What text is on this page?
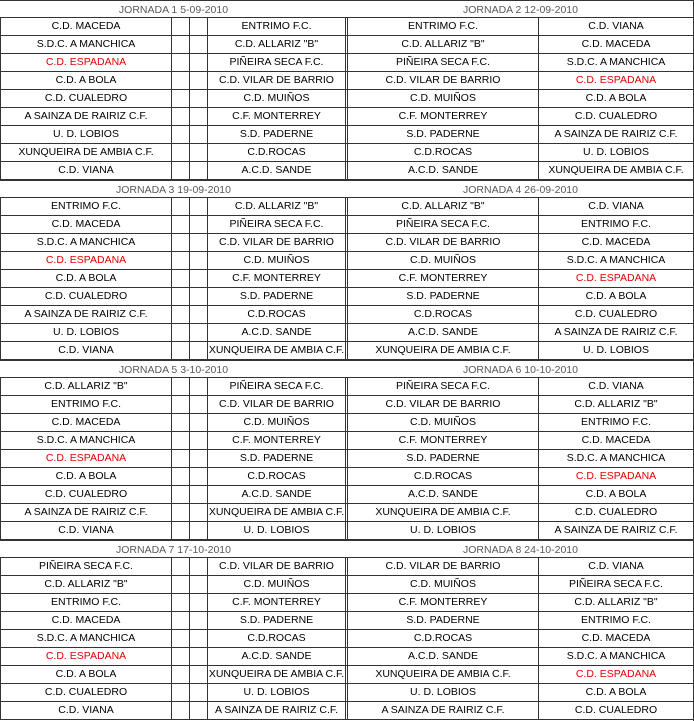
JORNADA 1 5-09-2010
C.D. MACEDA	ENTRIMO F.C.
S.D.C. A MANCHICA	C.D. ALLARIZ "B"
C.D. ESPADANA	PIÑEIRA SECA F.C.
C.D. A BOLA	C.D. VILAR DE BARRIO
C.D. CUALEDRO	C.D. MUIÑOS
A SAINZA DE RAIRIZ C.F.	C.F. MONTERREY
U. D. LOBIOS	S.D. PADERNE
XUNQUEIRA DE AMBIA C.F.	C.D.ROCAS
C.D. VIANA	A.C.D. SANDE
JORNADA 2 12-09-2010
ENTRIMO F.C.	C.D. VIANA
C.D. ALLARIZ "B"	C.D. MACEDA
PIÑEIRA SECA F.C.	S.D.C. A MANCHICA
C.D. VILAR DE BARRIO	C.D. ESPADANA
C.D. MUIÑOS	C.D. A BOLA
C.F. MONTERREY	C.D. CUALEDRO
S.D. PADERNE	A SAINZA DE RAIRIZ C.F.
C.D.ROCAS	U. D. LOBIOS
A.C.D. SANDE	XUNQUEIRA DE AMBIA C.F.
JORNADA 3 19-09-2010
ENTRIMO F.C.	C.D. ALLARIZ "B"
C.D. MACEDA	PIÑEIRA SECA F.C.
S.D.C. A MANCHICA	C.D. VILAR DE BARRIO
C.D. ESPADANA	C.D. MUIÑOS
C.D. A BOLA	C.F. MONTERREY
C.D. CUALEDRO	S.D. PADERNE
A SAINZA DE RAIRIZ C.F.	C.D.ROCAS
U. D. LOBIOS	A.C.D. SANDE
C.D. VIANA	XUNQUEIRA DE AMBIA C.F.
JORNADA 4 26-09-2010
C.D. ALLARIZ "B"	C.D. VIANA
PIÑEIRA SECA F.C.	ENTRIMO F.C.
C.D. VILAR DE BARRIO	C.D. MACEDA
C.D. MUIÑOS	S.D.C. A MANCHICA
C.F. MONTERREY	C.D. ESPADANA
S.D. PADERNE	C.D. A BOLA
C.D.ROCAS	C.D. CUALEDRO
A.C.D. SANDE	A SAINZA DE RAIRIZ C.F.
XUNQUEIRA DE AMBIA C.F.	U. D. LOBIOS
JORNADA 5 3-10-2010
C.D. ALLARIZ "B"	PIÑEIRA SECA F.C.
ENTRIMO F.C.	C.D. VILAR DE BARRIO
C.D. MACEDA	C.D. MUIÑOS
S.D.C. A MANCHICA	C.F. MONTERREY
C.D. ESPADANA	S.D. PADERNE
C.D. A BOLA	C.D.ROCAS
C.D. CUALEDRO	A.C.D. SANDE
A SAINZA DE RAIRIZ C.F.	XUNQUEIRA DE AMBIA C.F.
C.D. VIANA	U. D. LOBIOS
JORNADA 6 10-10-2010
PIÑEIRA SECA F.C.	C.D. VIANA
C.D. VILAR DE BARRIO	C.D. ALLARIZ "B"
C.D. MUIÑOS	ENTRIMO F.C.
C.F. MONTERREY	C.D. MACEDA
S.D. PADERNE	S.D.C. A MANCHICA
C.D.ROCAS	C.D. ESPADANA
A.C.D. SANDE	C.D. A BOLA
XUNQUEIRA DE AMBIA C.F.	C.D. CUALEDRO
U. D. LOBIOS	A SAINZA DE RAIRIZ C.F.
JORNADA 7 17-10-2010
PIÑEIRA SECA F.C.	C.D. VILAR DE BARRIO
C.D. ALLARIZ "B"	C.D. MUIÑOS
ENTRIMO F.C.	C.F. MONTERREY
C.D. MACEDA	S.D. PADERNE
S.D.C. A MANCHICA	C.D.ROCAS
C.D. ESPADANA	A.C.D. SANDE
C.D. A BOLA	XUNQUEIRA DE AMBIA C.F.
C.D. CUALEDRO	U. D. LOBIOS
C.D. VIANA	A SAINZA DE RAIRIZ C.F.
JORNADA 8 24-10-2010
C.D. VILAR DE BARRIO	C.D. VIANA
C.D. MUIÑOS	PIÑEIRA SECA F.C.
C.F. MONTERREY	C.D. ALLARIZ "B"
S.D. PADERNE	ENTRIMO F.C.
C.D.ROCAS	C.D. MACEDA
A.C.D. SANDE	S.D.C. A MANCHICA
XUNQUEIRA DE AMBIA C.F.	C.D. ESPADANA
U. D. LOBIOS	C.D. A BOLA
A SAINZA DE RAIRIZ C.F.	C.D. CUALEDRO
